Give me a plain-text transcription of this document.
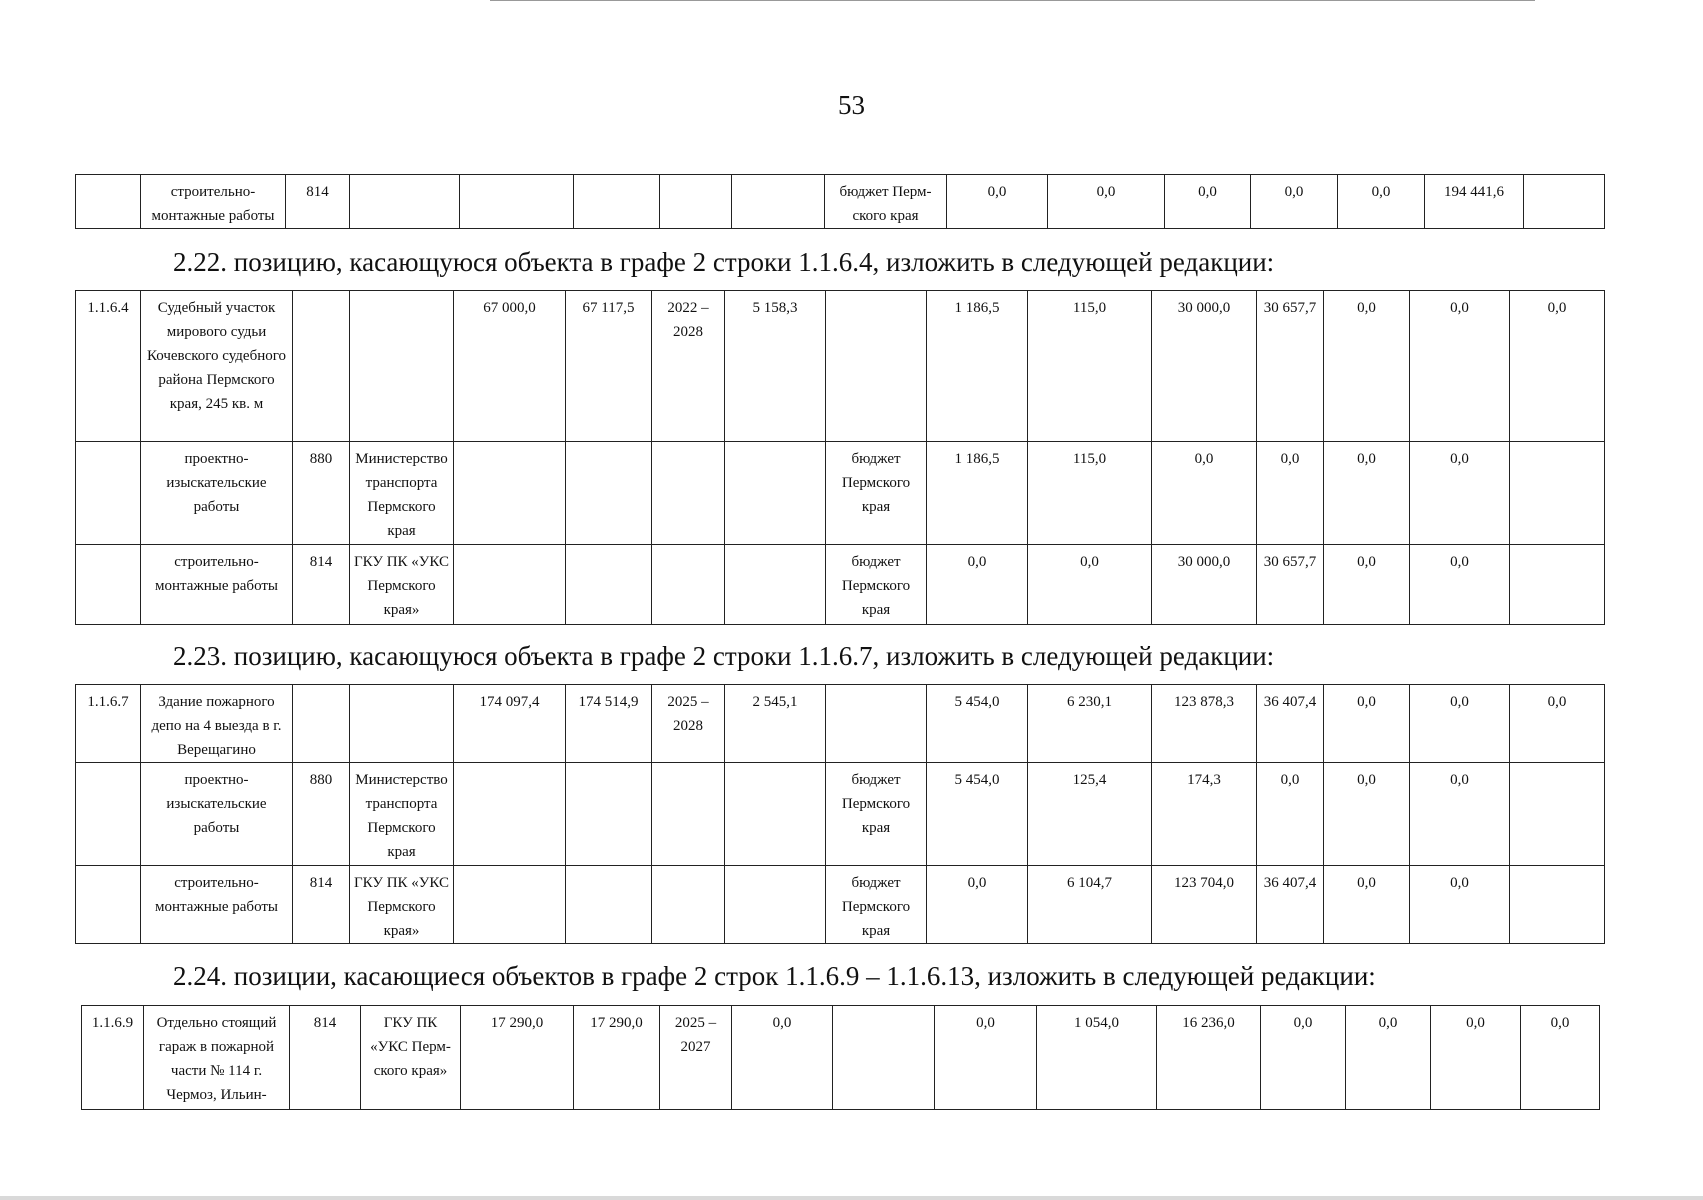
53
	строительно-монтажные работы	814						бюджет Перм-ского края	0,0	0,0	0,0	0,0	0,0	194 441,6	
2.22. позицию, касающуюся объекта в графе 2 строки 1.1.6.4, изложить в следующей редакции:
1.1.6.4	Судебный участок мирового судьи Кочевского судебного района Пермского края, 245 кв. м			67 000,0	67 117,5	2022 – 2028	5 158,3		1 186,5	115,0	30 000,0	30 657,7	0,0	0,0	0,0
	проектно-изыскательские работы	880	Министерство транспорта Пермского края					бюджет Пермского края	1 186,5	115,0	0,0	0,0	0,0	0,0	
	строительно-монтажные работы	814	ГКУ ПК «УКС Пермского края»					бюджет Пермского края	0,0	0,0	30 000,0	30 657,7	0,0	0,0	
2.23. позицию, касающуюся объекта в графе 2 строки 1.1.6.7, изложить в следующей редакции:
1.1.6.7	Здание пожарного депо на 4 выезда в г. Верещагино			174 097,4	174 514,9	2025 – 2028	2 545,1		5 454,0	6 230,1	123 878,3	36 407,4	0,0	0,0	0,0
	проектно-изыскательские работы	880	Министерство транспорта Пермского края					бюджет Пермского края	5 454,0	125,4	174,3	0,0	0,0	0,0	
	строительно-монтажные работы	814	ГКУ ПК «УКС Пермского края»					бюджет Пермского края	0,0	6 104,7	123 704,0	36 407,4	0,0	0,0	
2.24. позиции, касающиеся объектов в графе 2 строк 1.1.6.9 – 1.1.6.13, изложить в следующей редакции:
1.1.6.9	Отдельно стоящий гараж в пожарной части № 114 г. Чермоз, Ильин-	814	ГКУ ПК «УКС Перм-ского края»	17 290,0	17 290,0	2025 – 2027	0,0		0,0	1 054,0	16 236,0	0,0	0,0	0,0	0,0
